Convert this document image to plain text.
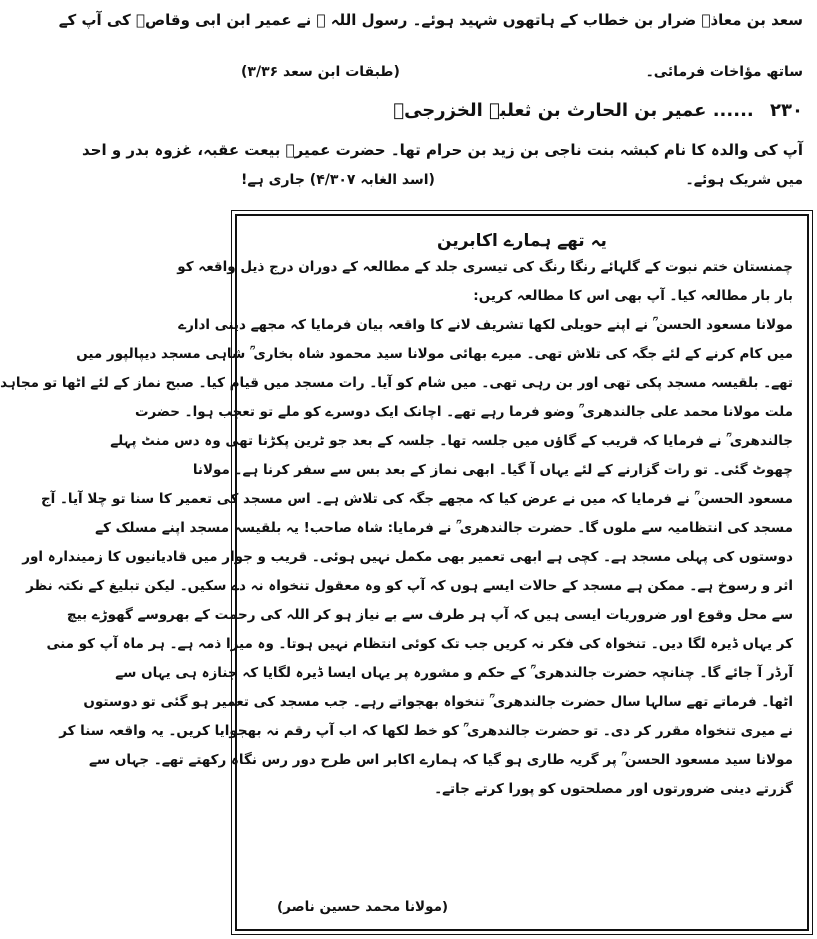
سعد بن معاذؓ ضرار بن خطاب کے ہاتھوں شہید ہوئے۔ رسول اللہ ﷺ نے عمیر ابن ابی وقاصؓ کی آپ کے
ساتھ مؤاخات فرمائی۔
(طبقات ابن سعد ۳/۳۶)
۲۳۰ ...... عمیر بن الحارث بن ثعلبہ الخزرجیؓ
آپ کی والدہ کا نام کبشہ بنت ناجی بن زید بن حرام تھا۔ حضرت عمیرؓ بیعت عقبہ، غزوہ بدر و احد
میں شریک ہوئے۔
(اسد الغابہ ۴/۳۰۷) جاری ہے!
یہ تھے ہمارے اکابرین
چمنستان ختم نبوت کے گلہائے رنگا رنگ کی تیسری جلد کے مطالعہ کے دوران درج ذیل واقعہ کو
بار بار مطالعہ کیا۔ آپ بھی اس کا مطالعہ کریں:
مولانا مسعود الحسن ؒ نے اپنے حویلی لکھا تشریف لانے کا واقعہ بیان فرمایا کہ مجھے دینی ادارے
میں کام کرنے کے لئے جگہ کی تلاش تھی۔ میرے بھائی مولانا سید محمود شاہ بخاری ؒ شاہی مسجد دیپالپور میں
تھے۔ بلقیسہ مسجد پکی تھی اور بن رہی تھی۔ میں شام کو آیا۔ رات مسجد میں قیام کیا۔ صبح نماز کے لئے اٹھا تو مجاہد
ملت مولانا محمد علی جالندھری ؒ وضو فرما رہے تھے۔ اچانک ایک دوسرے کو ملے تو تعجب ہوا۔ حضرت
جالندھری ؒ نے فرمایا کہ قریب کے گاؤں میں جلسہ تھا۔ جلسہ کے بعد جو ٹرین پکڑنا تھی وہ دس منٹ پہلے
چھوٹ گئی۔ تو رات گزارنے کے لئے یہاں آ گیا۔ ابھی نماز کے بعد بس سے سفر کرنا ہے۔ مولانا
مسعود الحسن ؒ نے فرمایا کہ میں نے عرض کیا کہ مجھے جگہ کی تلاش ہے۔ اس مسجد کی تعمیر کا سنا تو چلا آیا۔ آج
مسجد کی انتظامیہ سے ملوں گا۔ حضرت جالندھری ؒ نے فرمایا: شاہ صاحب! یہ بلقیسہ مسجد اپنے مسلک کے
دوستوں کی پہلی مسجد ہے۔ کچی ہے ابھی تعمیر بھی مکمل نہیں ہوئی۔ قریب و جوار میں قادیانیوں کا زمیندارہ اور
اثر و رسوخ ہے۔ ممکن ہے مسجد کے حالات ایسے ہوں کہ آپ کو وہ معقول تنخواہ نہ دے سکیں۔ لیکن تبلیغ کے نکتہ نظر
سے محل وقوع اور ضروریات ایسی ہیں کہ آپ ہر طرف سے بے نیاز ہو کر اللہ کی رحمت کے بھروسے گھوڑے بیچ
کر یہاں ڈیرہ لگا دیں۔ تنخواہ کی فکر نہ کریں جب تک کوئی انتظام نہیں ہوتا۔ وہ میرا ذمہ ہے۔ ہر ماہ آپ کو منی
آرڈر آ جائے گا۔ چنانچہ حضرت جالندھری ؒ کے حکم و مشورہ پر یہاں ایسا ڈیرہ لگایا کہ جنازہ ہی یہاں سے
اٹھا۔ فرماتے تھے سالہا سال حضرت جالندھری ؒ تنخواہ بھجواتے رہے۔ جب مسجد کی تعمیر ہو گئی تو دوستوں
نے میری تنخواہ مقرر کر دی۔ تو حضرت جالندھری ؒ کو خط لکھا کہ اب آپ رقم نہ بھجوایا کریں۔ یہ واقعہ سنا کر
مولانا سید مسعود الحسن ؒ پر گریہ طاری ہو گیا کہ ہمارے اکابر اس طرح دور رس نگاہ رکھتے تھے۔ جہاں سے
گزرتے دینی ضرورتوں اور مصلحتوں کو پورا کرتے جاتے۔
(مولانا محمد حسین ناصر)
